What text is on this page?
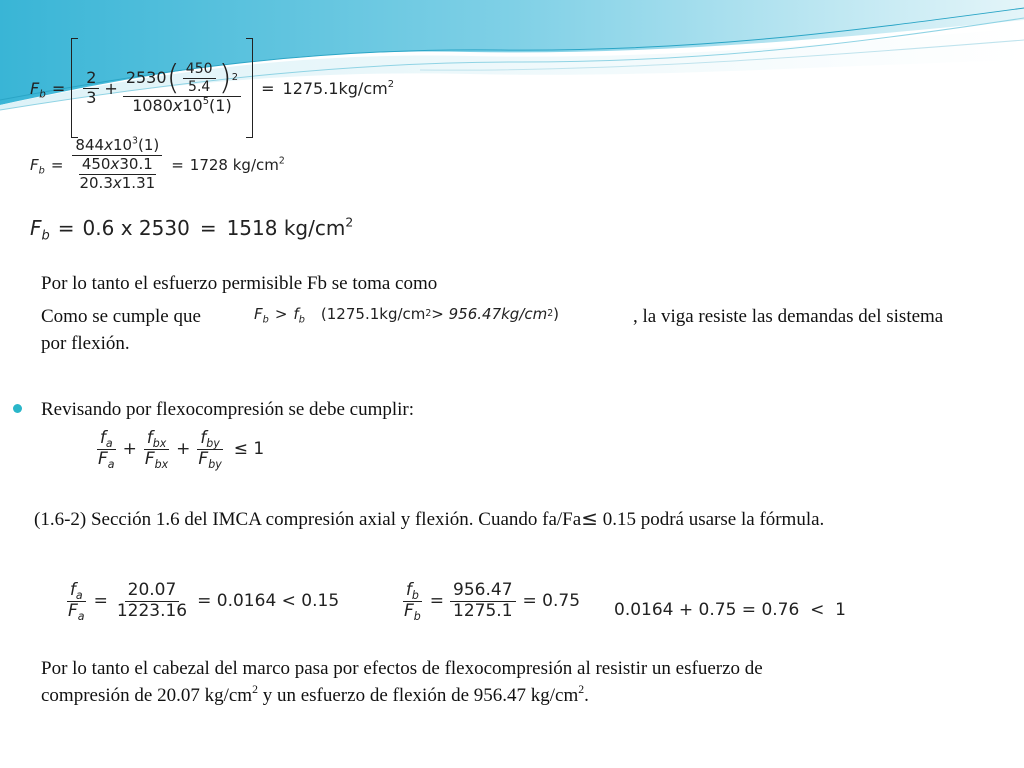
$F_b = \frac{2}{3} + \frac{2530 ( \frac{450}{5.4} ) 2}{1080x10^5(1)} = 1275.1kg/cm^2$
$F_b = \frac{844x10^3(1)}{\frac{450x30.1}{20.3x1.31}} = 1728$ $kg/cm^2$
$F_b = 0.6$ x 2530 = 1518 $kg/cm^2$
Por lo tanto el esfuerzo permisible Fb se toma como
Como se cumple que	$F_b > f_b$ ( 1275.1kg/cm 2 > 956.47kg/cm 2 )	, la viga resiste las demandas del sistema
por flexión.
Revisando por flexocompresión se debe cumplir:
$\frac{f_a}{F_a} + \frac{f_{bx}}{F_{bx}} + \frac{f_{by}}{F_{by}} \le 1$
(1.6-2) Sección 1.6 del IMCA compresión axial y flexión. Cuando fa/Fa≤ 0.15 podrá usarse la fórmula.
$\frac{f_a}{F_a} = \frac{20.07}{1223.16} = 0.0164 < 0.15$	$\frac{f_b}{F_b} = \frac{956.47}{1275.1} = 0.75$ 0.0164 + 0.75 = 0.76  <  1
Por lo tanto el cabezal del marco pasa por efectos de flexocompresión al resistir un esfuerzo de
compresión de 20.07 $kg/cm^2$ y un esfuerzo de flexión de 956.47 $kg/cm^2$.
